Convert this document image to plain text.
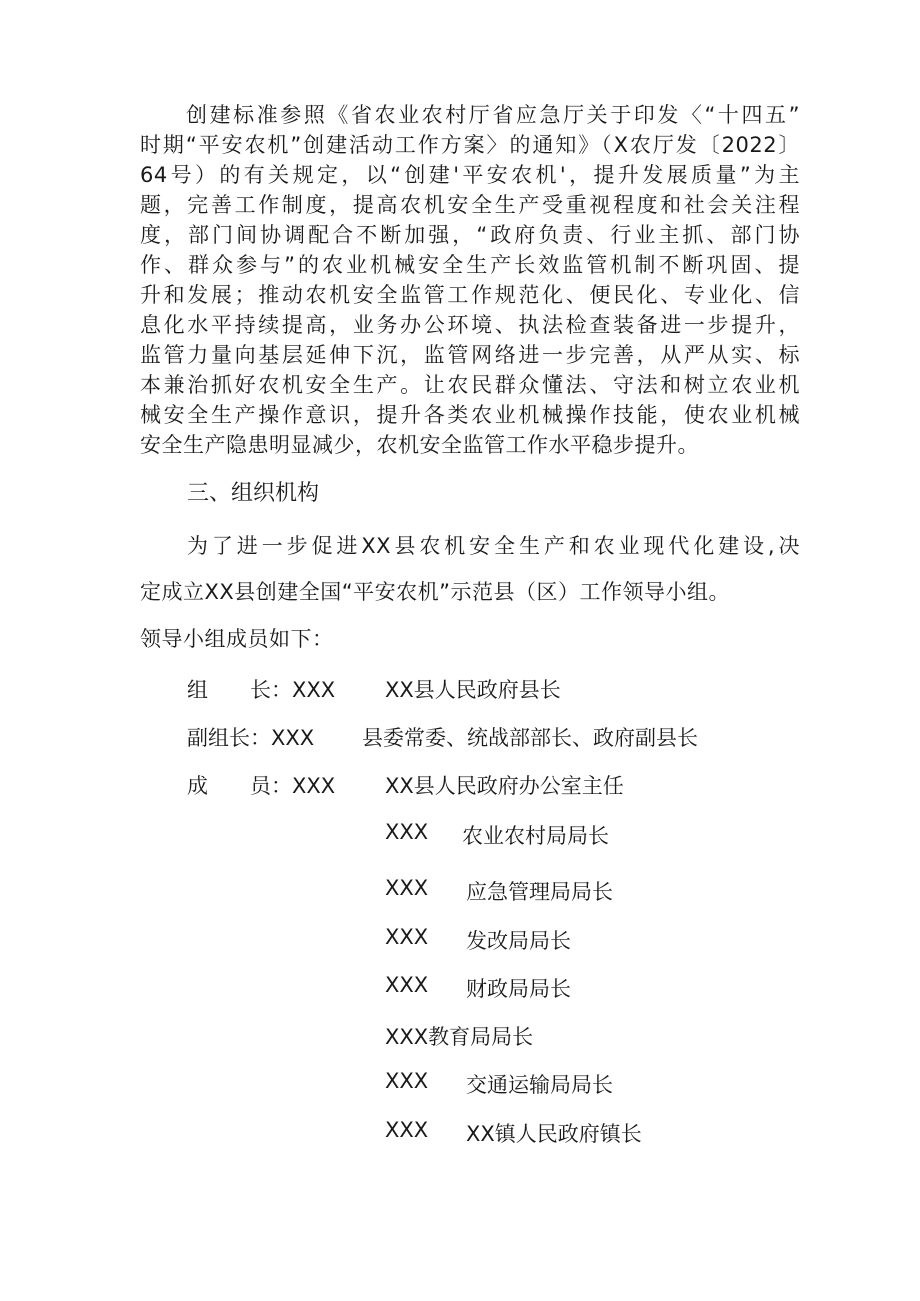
创建标准参照《省农业农村厅省应急厅关于印发〈“十四五”
时期“平安农机”创建活动工作方案〉的通知》（X农厅发〔2022〕
64号）的有关规定，以“创建'平安农机'，提升发展质量”为主
题，完善工作制度，提高农机安全生产受重视程度和社会关注程
度，部门间协调配合不断加强，“政府负责、行业主抓、部门协
作、群众参与”的农业机械安全生产长效监管机制不断巩固、提
升和发展；推动农机安全监管工作规范化、便民化、专业化、信
息化水平持续提高，业务办公环境、执法检查装备进一步提升，
监管力量向基层延伸下沉，监管网络进一步完善，从严从实、标
本兼治抓好农机安全生产。让农民群众懂法、守法和树立农业机
械安全生产操作意识，提升各类农业机械操作技能，使农业机械
安全生产隐患明显减少，农机安全监管工作水平稳步提升。
三、组织机构
为了进一步促进XX县农机安全生产和农业现代化建设,决
定成立XX县创建全国“平安农机”示范县（区）工作领导小组。
领导小组成员如下：
组　　长：XXX XX县人民政府县长
副组长：XXX 县委常委、统战部部长、政府副县长
成　　员：XXX XX县人民政府办公室主任
XXX 农业农村局局长
XXX 应急管理局局长
XXX 发改局局长
XXX 财政局局长
XXX教育局局长
XXX 交通运输局局长
XXX XX镇人民政府镇长
